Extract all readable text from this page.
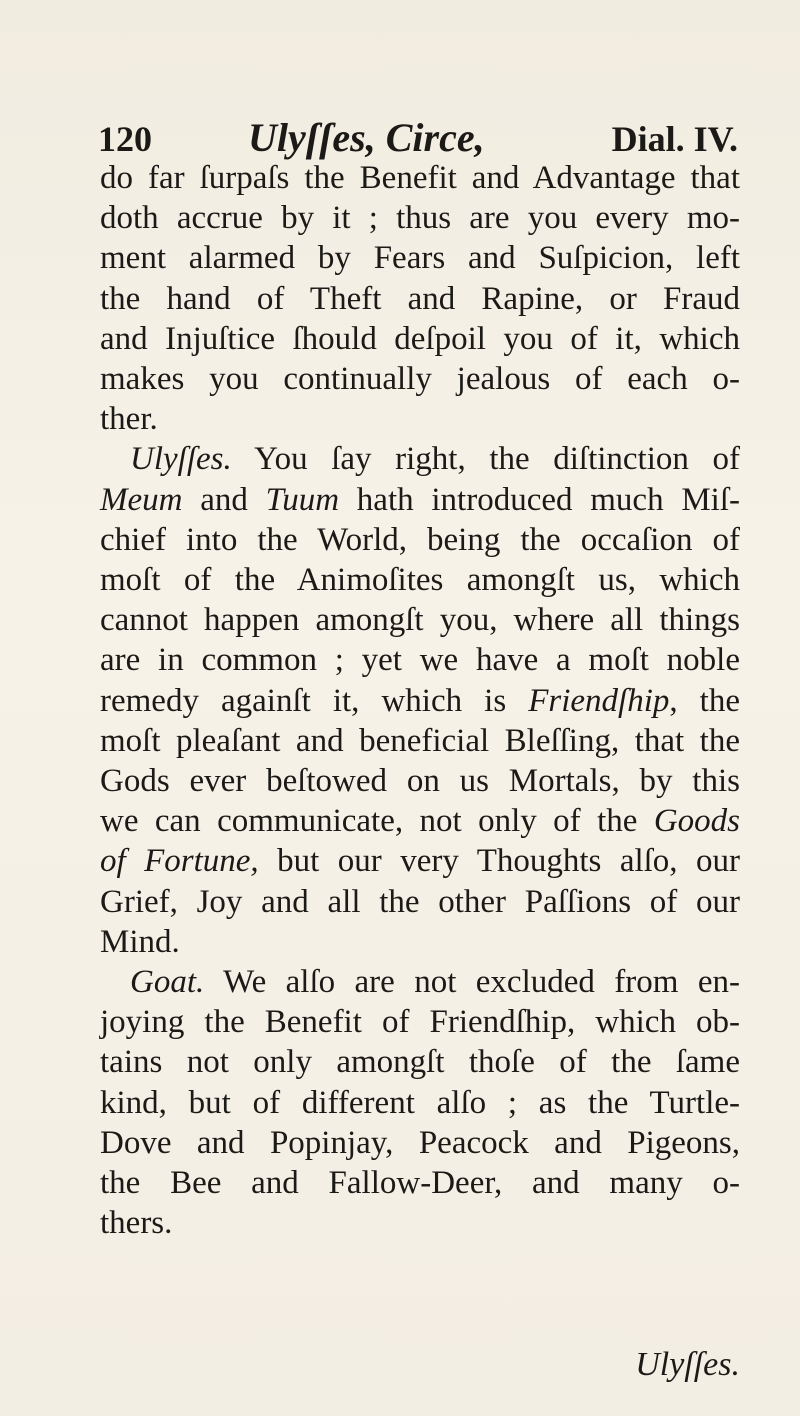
120 Ulyſſes, Circe,	Dial. IV.
do far ſurpaſs the Benefit and Advantage that
doth accrue by it ; thus are you every mo-
ment alarmed by Fears and Suſpicion, left
the hand of Theft and Rapine, or Fraud
and Injuſtice ſhould deſpoil you of it, which
makes you continually jealous of each o-
ther.
Ulyſſes. You ſay right, the diſtinction of
Meum and Tuum hath introduced much Miſ-
chief into the World, being the occaſion of
moſt of the Animoſites amongſt us, which
cannot happen amongſt you, where all things
are in common ; yet we have a moſt noble
remedy againſt it, which is Friendſhip, the
moſt pleaſant and beneficial Bleſſing, that the
Gods ever beſtowed on us Mortals, by this
we can communicate, not only of the Goods
of Fortune, but our very Thoughts alſo, our
Grief, Joy and all the other Paſſions of our
Mind.
Goat. We alſo are not excluded from en-
joying the Benefit of Friendſhip, which ob-
tains not only amongſt thoſe of the ſame
kind, but of different alſo ; as the Turtle-
Dove and Popinjay, Peacock and Pigeons,
the Bee and Fallow-Deer, and many o-
thers.
Ulyſſes.
